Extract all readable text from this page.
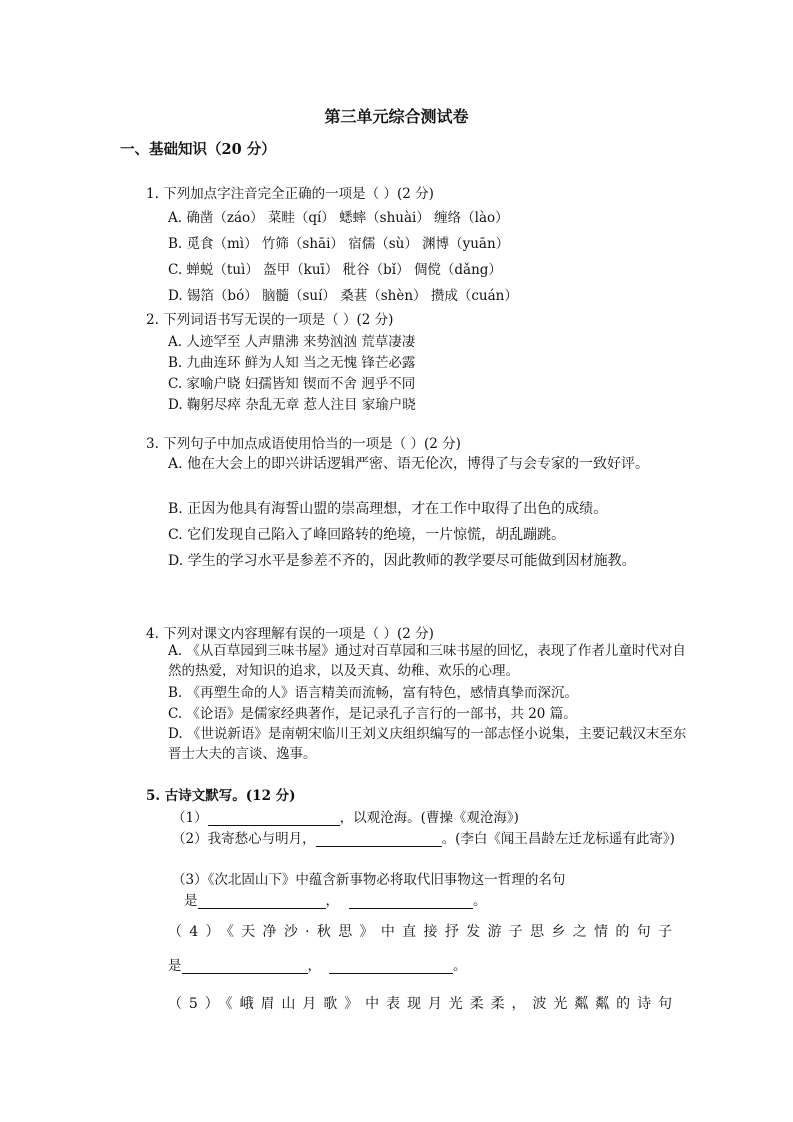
第三单元综合测试卷
一、基础知识（20 分）
1. 下列加点字注音完全正确的一项是（ ）(2 分)
A. 确凿（záo） 菜畦（qí） 蟋蟀（shuài） 缠络（lào）
B. 觅食（mì） 竹筛（shāi） 宿儒（sù） 渊博（yuān）
C. 蝉蜕（tuì） 盔甲（kuī） 秕谷（bǐ） 倜傥（dǎng）
D. 锡箔（bó） 脑髓（suí） 桑葚（shèn） 攒成（cuán）
2. 下列词语书写无误的一项是（ ）(2 分)
A. 人迹罕至 人声鼎沸 来势汹汹 荒草凄凄
B. 九曲连环 鲜为人知 当之无愧 锋芒必露
C. 家喻户晓 妇孺皆知 锲而不舍 迥乎不同
D. 鞠躬尽瘁 杂乱无章 惹人注目 家瑜户晓
3. 下列句子中加点成语使用恰当的一项是（ ）(2 分)
A. 他在大会上的即兴讲话逻辑严密、语无伦次，博得了与会专家的一致好评。
B. 正因为他具有海誓山盟的崇高理想，才在工作中取得了出色的成绩。
C. 它们发现自己陷入了峰回路转的绝境，一片惊慌，胡乱蹦跳。
D. 学生的学习水平是参差不齐的，因此教师的教学要尽可能做到因材施教。
4. 下列对课文内容理解有误的一项是（ ）(2 分)
A. 《从百草园到三味书屋》通过对百草园和三味书屋的回忆，表现了作者儿童时代对自然的热爱，对知识的追求，以及天真、幼稚、欢乐的心理。
B. 《再塑生命的人》语言精美而流畅，富有特色，感情真挚而深沉。
C. 《论语》是儒家经典著作，是记录孔子言行的一部书，共 20 篇。
D. 《世说新语》是南朝宋临川王刘义庆组织编写的一部志怪小说集，主要记载汉末至东晋士大夫的言谈、逸事。
5. 古诗文默写。(12 分)
（1）	，以观沧海。(曹操《观沧海》)
（2）我寄愁心与明月，	。(李白《闻王昌龄左迁龙标遥有此寄》)
（3）《次北固山下》中蕴含新事物必将取代旧事物这一哲理的名句
是	，	。
（4）《天净沙·秋思》中直接抒发游子思乡之情的句子
是	，	。
（5）《峨眉山月歌》中表现月光柔柔，波光粼粼的诗句
